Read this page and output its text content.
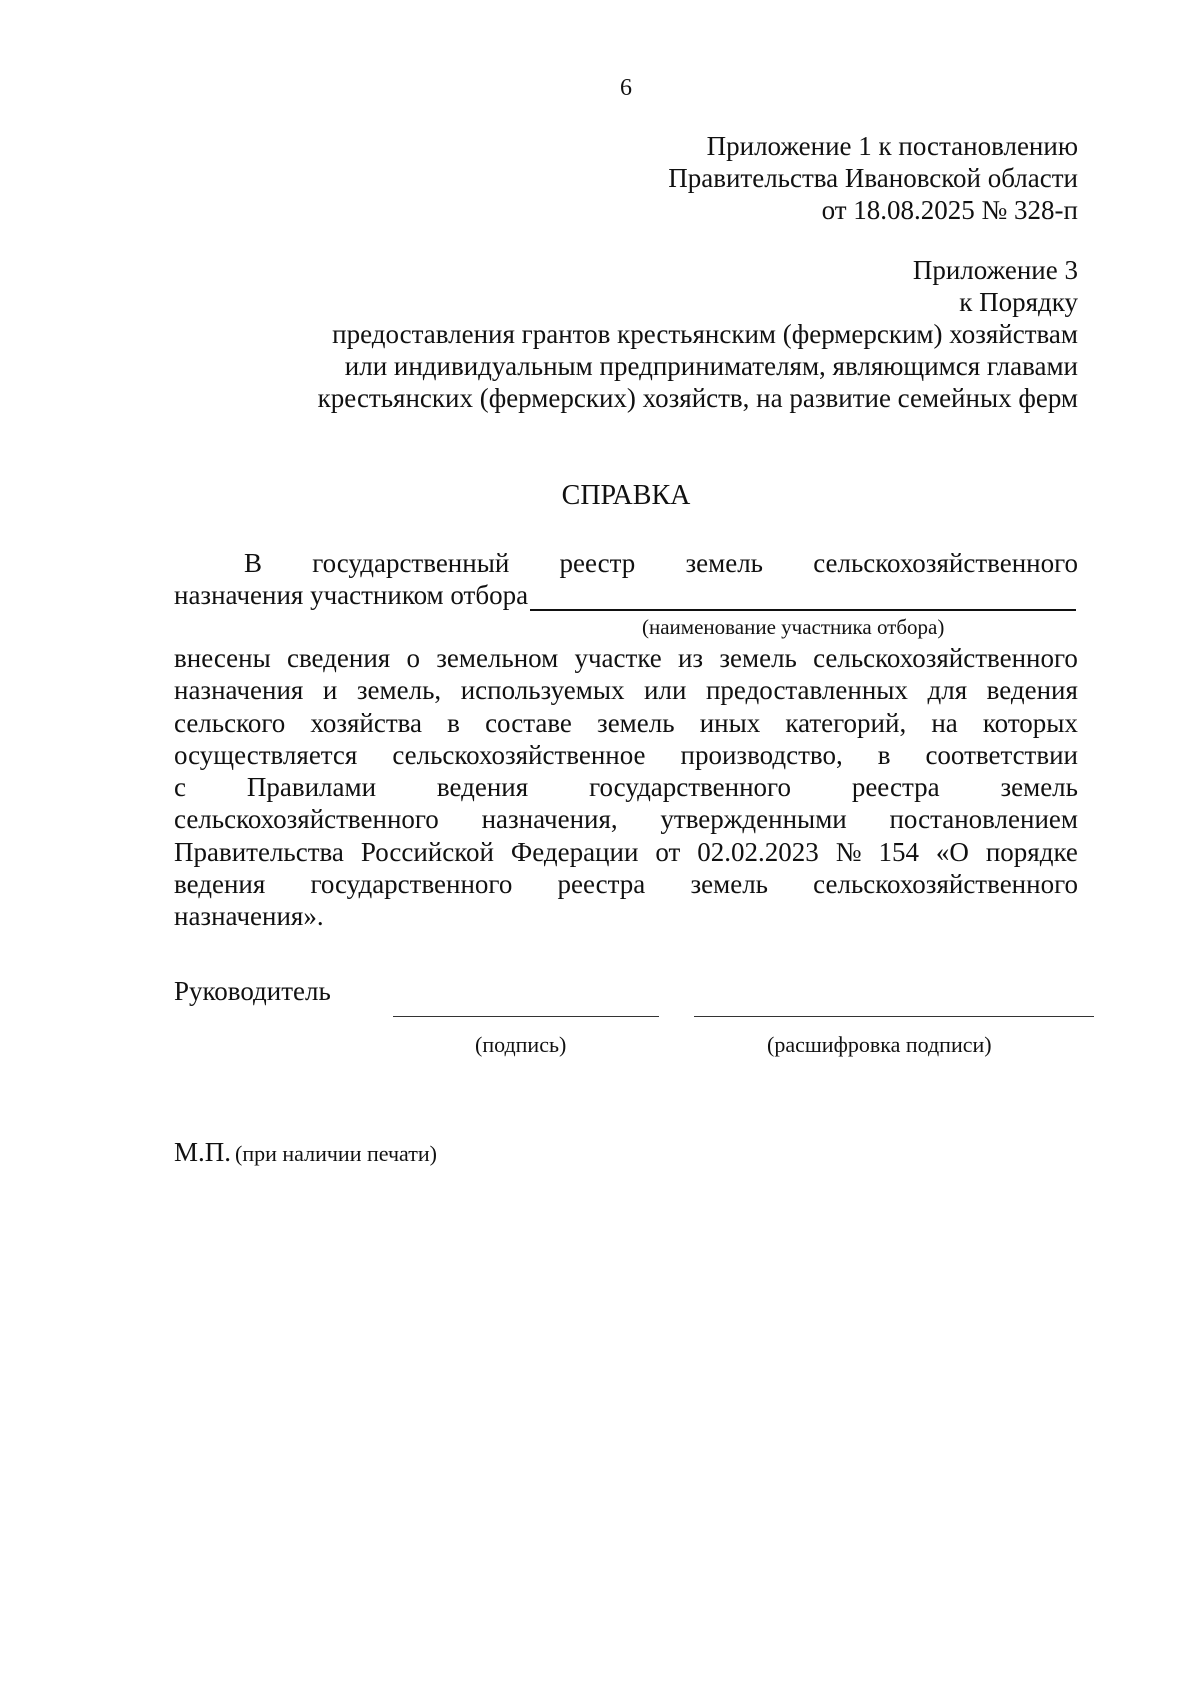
6
Приложение 1 к постановлению
Правительства Ивановской области
от 18.08.2025 № 328-п
Приложение 3
к Порядку
предоставления грантов крестьянским (фермерским) хозяйствам
или индивидуальным предпринимателям, являющимся главами
крестьянских (фермерских) хозяйств, на развитие семейных ферм
СПРАВКА
В государственный реестр земель сельскохозяйственного
назначения участником отбора
(наименование участника отбора)
внесены сведения о земельном участке из земель сельскохозяйственного
назначения и земель, используемых или предоставленных для ведения
сельского хозяйства в составе земель иных категорий, на которых
осуществляется сельскохозяйственное производство, в соответствии
с Правилами ведения государственного реестра земель
сельскохозяйственного назначения, утвержденными постановлением
Правительства Российской Федерации от 02.02.2023 № 154 «О порядке
ведения государственного реестра земель сельскохозяйственного
назначения».
Руководитель
(подпись)	(расшифровка подписи)
М.П. (при наличии печати)
